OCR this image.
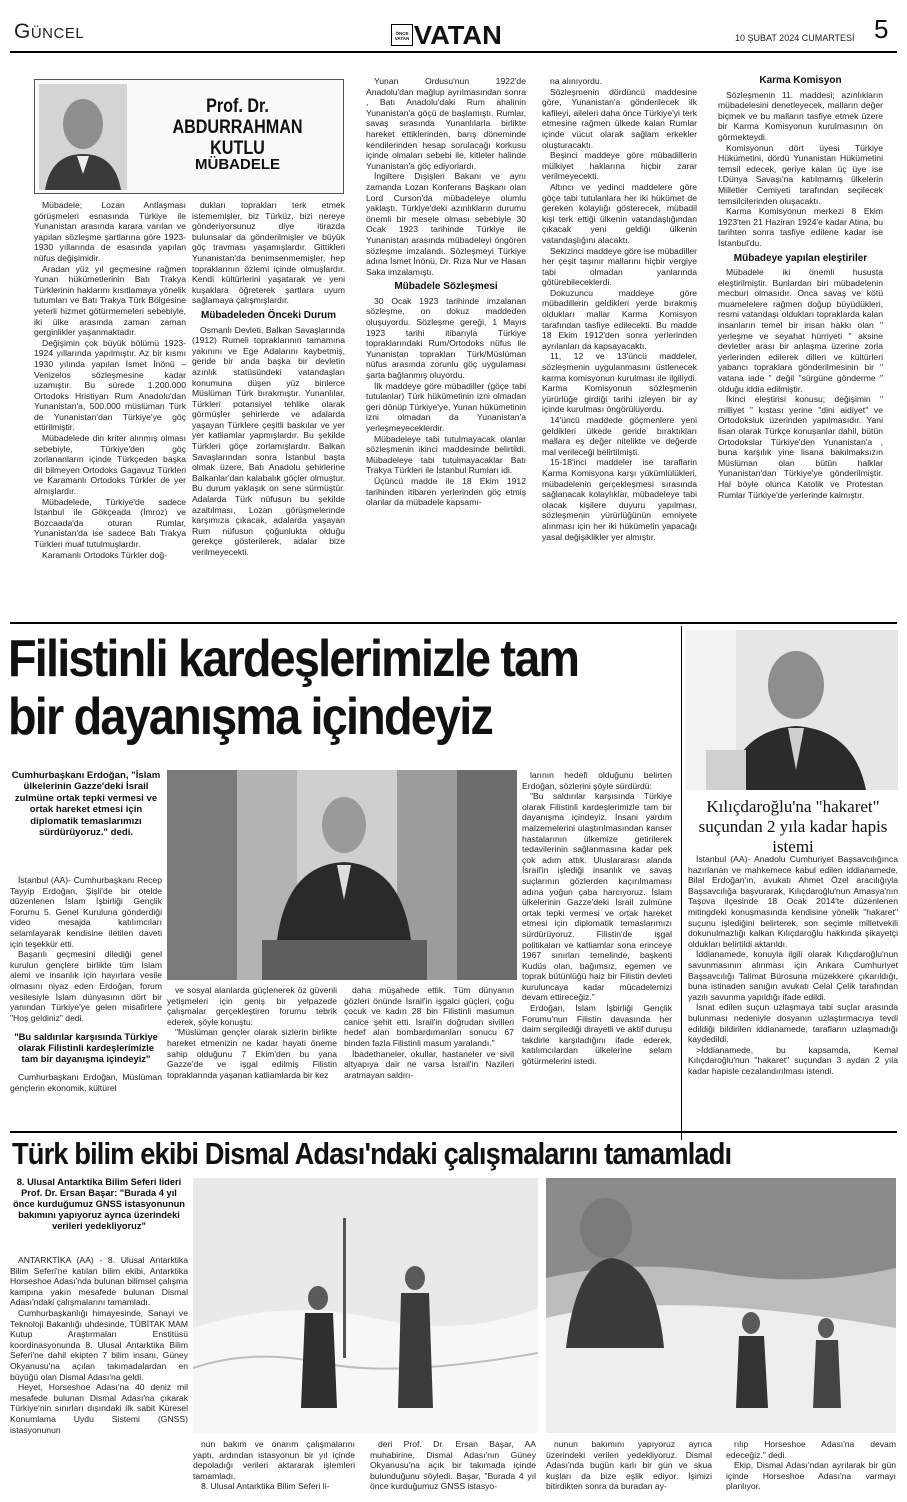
Güncel	ÖNCE VATAN VATAN	10 ŞUBAT 2024 CUMARTESİ 5
Prof. Dr. ABDURRAHMAN KUTLU
MÜBADELE

Mübadele; Lozan Antlaşması görüşmeleri esnasında Türkiye ile Yunanistan arasında karara varılan ve yapılan sözleşme şartlarına göre 1923-1930 yıllarında de esasında yapılan nüfus değişimidir.

Aradan yüz yıl geçmesine rağmen Yunan hükümetlerinin Batı Trakya Türklerinin haklarını kısıtlamaya yönelik tutumları ve Batı Trakya Türk Bölgesine yeterli hizmet götürmemeleri sebebiyle, iki ülke arasında zaman zaman gerginlikler yaşanmaktadır.

Değişimin çok büyük bölümü 1923-1924 yıllarında yapılmıştır. Az bir kısmı 1930 yılında yapılan İsmet İnönü – Venizelos sözleşmesine kadar uzamıştır. Bu sürede 1.200.000 Ortodoks Hristiyan Rum Anadolu'dan Yunanistan'a, 500.000 müslüman Türk de Yunanistan'dan Türkiye'ye göç ettirilmiştir.

Mübadelede din kriter alınmış olması sebebiyle, Türkiye'den göç zorlananların içinde Türkçeden başka dil bilmeyen Ortodoks Gagavuz Türkleri ve Karamanlı Ortodoks Türkler de yer almışlardır.

Mübadelede, Türkiye'de sadece İstanbul ile Gökçeada (İmroz) ve Bozcaada'da oturan Rumlar, Yunanistan'da ise sadece Batı Trakya Türkleri muaf tutulmuşlardır.

Karamanlı Ortodoks Türkler doğ-

dukları toprakları terk etmek istememişler, biz Türküz, bizi nereye gönderiyorsunuz diye itirazda bulunsalar da gönderilmişler ve büyük göç travması yaşamışlardır. Gittikleri Yunanistan'da benimsenmemişler, hep topraklarının özlemi içinde olmuşlardır. Kendi kültürlerini yaşatarak ve yeni kuşaklara öğreterek şartlara uyum sağlamaya çalışmışlardır.

Mübadeleden Önceki Durum

Osmanlı Devleti, Balkan Savaşlarında (1912) Rumeli topraklarının tamamına yakınını ve Ege Adalarını kaybetmiş, geride bir anda başka bir devletin azınlık statüsündeki vatandaşları konumuna düşen yüz binlerce Müslüman Türk bırakmıştır. Yunanlılar, Türkleri potansiyel tehlike olarak görmüşler şehirlerde ve adalarda yaşayan Türklere çeşitli baskılar ve yer yer katliamlar yapmışlardır. Bu şekilde Türkleri göçe zorlamışlardır. Balkan Savaşlarından sonra İstanbul başta olmak üzere, Batı Anadolu şehirlerine Balkanlar'dan kalabalık göçler olmuştur. Bu durum yaklaşık on sene sürmüştür. Adalarda Türk nüfusun bu şekilde azaltılması, Lozan görüşmelerinde karşımıza çıkacak, adalarda yaşayan Rum nüfusun çoğunlukta olduğu gerekçe gösterilerek, adalar bize verilmeyecekti.

Yunan Ordusu'nun 1922'de Anadolu'dan mağlup ayrılmasından sonra , Batı Anadolu'daki Rum ahalinin Yunanistan'a göçü de başlamıştı. Rumlar, savaş sırasında Yunanlılarla birlikte hareket ettiklerinden, barış döneminde kendilerinden hesap sorulacağı korkusu içinde olmaları sebebi ile, kitleler halinde Yunanistan'a göç ediyorlardı.

İngiltere Dışişleri Bakanı ve aynı zamanda Lozan Konferans Başkanı olan Lord Curson'da mübadeleye olumlu yaklaştı. Türkiye'deki azınlıkların durumu önemli bir mesele olması sebebiyle 30 Ocak 1923 tarihinde Türkiye ile Yunanistan arasında mübadeleyi öngören sözleşme imzalandı. Sözleşmeyi Türkiye adına İsmet İnönü, Dr. Rıza Nur ve Hasan Saka imzalamıştı.

Mübadele Sözleşmesi

30 Ocak 1923 tarihinde imzalanan sözleşme, on dokuz maddeden oluşuyordu. Sözleşme gereği, 1 Mayıs 1923 tarihi itibarıyla Türkiye topraklarındaki Rum/Ortodoks nüfus ile Yunanistan toprakları Türk/Müslüman nüfus arasında zorunlu göç uygulaması şarta bağlanmış oluyordu.

İlk maddeye göre mübadiller (göçe tabi tutulanlar) Türk hükümetinin izni olmadan geri dönüp Türkiye'ye, Yunan hükümetinin izni olmadan da Yunanistan'a yerleşmeyeceklerdir.

Mübadeleye tabi tutulmayacak olanlar sözleşmenin ikinci maddesinde belirtildi. Mübadeleye tabi tutulmayacaklar Batı Trakya Türkleri ile İstanbul Rumları idi.

Üçüncü madde ile 18 Ekim 1912 tarihinden itibaren yerlerinden göç etmiş olanlar da mübadele kapsamı-

na alınıyordu.

Sözleşmenin dördüncü maddesine göre, Yunanistan'a gönderilecek ilk kafileyi, aileleri daha önce Türkiye'yi terk etmesine rağmen ülkede kalan Rumlar içinde vücut olarak sağlam erkekler oluşturacaktı.

Beşinci maddeye göre mübadillerin mülkiyet haklarına hiçbir zarar verilmeyecekti.

Altıncı ve yedinci maddelere göre göçe tabi tutulanlara her iki hükümet de gereken kolaylığı gösterecek, mübadil kişi terk ettiği ülkenin vatandaşlığından çıkacak yeni geldiği ülkenin vatandaşlığını alacaktı.

Sekizinci maddeye göre ise mübadiller her çeşit taşınır mallarını hiçbir vergiye tabi olmadan yanlarında götürebileceklerdi.

Dokuzuncu maddeye göre mübadillerin geldikleri yerde bırakmış oldukları mallar Karma Komisyon tarafından tasfiye edilecekti. Bu madde 18 Ekim 1912'den sonra yerlerinden ayrılanları da kapsayacaktı.

11, 12 ve 13'üncü maddeler, sözleşmenin uygulanmasını üstlenecek karma komisyonun kurulması ile ilgiliydi. Karma Komisyonun sözleşmenin yürürlüğe girdiği tarihi izleyen bir ay içinde kurulması öngörülüyordu.

14'üncü maddede göçmenlere yeni geldikleri ülkede geride bıraktıkları mallara eş değer nitelikte ve değerde mal verileceği belirtilmişti.

15-18'inci maddeler ise taraflarin Karma Komisyona karşı yükümlülükleri, mübadelenin gerçekleşmesi sırasında sağlanacak kolaylıklar, mübadeleye tabi olacak kişilere duyuru yapılması, sözleşmenin yürürlüğünün emniyete alınması için her iki hükümetin yapacağı yasal değişiklikler yer almıştır.

Karma Komisyon

Sözleşmenin 11. maddesi; azınlıkların mübadelesini denetleyecek, malların değer biçmek ve bu malların tasfiye etmek üzere bir Karma Komisyonun kurulmasının ön görmekteydi.

Komisyonun dört üyesi Türkiye Hükümetini, dördü Yunanistan Hükümetini temsil edecek, geriye kalan üç üye ise I.Dünya Savaşı'na katılmamış ülkelerin Milletler Cemiyeti tarafından seçilecek temsilcilerinden oluşacaktı.

Karma Komisyonun merkezi 8 Ekim 1923'ten 21 Haziran 1924'e kadar Atina, bu tarihten sonra tasfiye edilene kadar ise İstanbul'du.

Mübadeye yapılan eleştiriler

Mübadele iki önemli hususta eleştirilmiştir. Bunlardan biri mübadelenin mecburi olmasıdır. Onca savaş ve kötü muamelelere rağmen doğup büyüdükleri, resmi vatandaşı oldukları topraklarda kalan insanların temel bir insan hakkı olan " yerleşme ve seyahat hürriyeti " aksine devletler arası bir anlaşma üzerine zorla yerlerinden edilerek dilleri ve kültürleri yabancı topraklara gönderilmesinin bir " vatana iade " değil "sürgüne gönderme " olduğu iddia edilmiştir.

İkinci eleştirisi konusu; değişimin " milliyet " kıstası yerine "dini aidiyet" ve Ortodoksluk üzerinden yapılmasıdır. Yani lisan olarak Türkçe konuşanlar dahil, bütün Ortodokslar Türkiye'den Yunanistan'a , buna karşılık yine lisana bakılmaksızın Müslüman olan bütün halklar Yunanistan'dan Türkiye'ye gönderilmiştir. Hal böyle olunca Katolik ve Protestan Rumlar Türkiye'de yerlerinde kalmıştır.

Filistinli kardeşlerimizle tam bir dayanışma içindeyiz
Cumhurbaşkanı Erdoğan, "İslam ülkelerinin Gazze'deki İsrail zulmüne ortak tepki vermesi ve ortak hareket etmesi için diplomatik temaslarımızı sürdürüyoruz." dedi.

İstanbul (AA)- Cumhurbaşkanı Recep Tayyip Erdoğan, Şişli'de bir otelde düzenlenen İslam İşbirliği Gençlik Forumu 5. Genel Kuruluna gönderdiği video mesajda katılımcıları selamlayarak kendisine iletilen daveti için teşekkür etti.

Başarılı geçmesini dilediği genel kurulun gençlere birlikte tüm İslam alemi ve insanlık için hayırlara vesile olmasını niyaz eden Erdoğan, forum vesilesiyle İslam dünyasının dört bir yanından Türkiye'ye gelen misafirlere "Hoş geldiniz" dedi.

"Bu saldırılar karşısında Türkiye olarak Filistinli kardeşlerimizle tam bir dayanışma içindeyiz"

Cumhurbaşkanı Erdoğan, Müslüman gençlerin ekonomik, kültürel

ve sosyal alanlarda güçlenerek öz güvenli yetişmeleri için geniş bir yelpazede çalışmalar gerçekleştiren forumu tebrik ederek, şöyle konuştu:

"Müslüman gençler olarak sizlerin birlikte hareket etmenizin ne kadar hayati öneme sahip olduğunu 7 Ekim'den bu yana Gazze'de ve işgal edilmiş Filistin topraklarında yaşanan katliamlarda bir kez

daha müşahede ettik. Tüm dünyanın gözleri önünde İsrail'in işgalci güçleri, çoğu çocuk ve kadın 28 bin Filistinli masumun canice şehit etti. İsrail'in doğrudan sivilleri hedef alan bombardımanları sonucu 67 binden fazla Filistinli masum yaralandı."

İbadethaneler, okullar, hastaneler ve sivil altyapıya dair ne varsa İsrail'in Nazileri aratmayan saldırı-

larının hedefi olduğunu belirten Erdoğan, sözlerini şöyle sürdürdü:

"Bu saldırılar karşısında Türkiye olarak Filistinli kardeşlerimizle tam bir dayanışma içindeyiz. İnsani yardım malzemelerini ulaştırılmasından kanser hastalarının ülkemize getirilerek tedavilerinin sağlanmasına kadar pek çok adım attık. Uluslararası alanda İsrail'in işlediği insanlık ve savaş suçlarının gözlerden kaçırılmaması adına yoğun çaba harcıyoruz. İslam ülkelerinin Gazze'deki İsrail zulmüne ortak tepki vermesi ve ortak hareket etmesi için diplomatik temaslarımızı sürdürüyoruz. Filistin'de işgal politikaları ve katliamlar sona erinceye 1967 sınırları temelinde, başkenti Kudüs olan, bağımsız, egemen ve toprak bütünlüğü haiz bir Filistin devleti kuruluncaya kadar mücadelemizi devam ettireceğiz."

Erdoğan, İslam İşbirliği Gençlik Forumu'nun Filistin davasında her daim sergilediği dirayetli ve aktif duruşu takdirle karşıladığını ifade ederek, katılımcılardan ülkelerine selam götürmelerini istedi.

Kılıçdaroğlu'na "hakaret" suçundan 2 yıla kadar hapis istemi

İstanbul (AA)- Anadolu Cumhuriyet Başsavcılığınca hazırlanan ve mahkemece kabul edilen iddianamede, Bilal Erdoğan'ın, avukatı Ahmet Özel aracılığıyla Başsavcılığa başvurarak, Kılıçdaroğlu'nun Amasya'nın Taşova ilçesinde 18 Ocak 2014'te düzenlenen mitingdeki konuşmasında kendisine yönelik "hakaret" suçunu işlediğini belirterek, son seçimle milletvekili dokunulmazlığı kalkan Kılıçdaroğlu hakkında şikayetçi oldukları belirtildi aktarıldı.

İddianamede, konuyla ilgili olarak Kılıçdaroğlu'nun savunmasının alınması için Ankara Cumhuriyet Başsavcılığı Talimat Bürosuna müzekkere çıkarıldığı, buna istinaden sanığın avukatı Celal Çelik tarafından yazılı savunma yapıldığı ifade edildi.

İsnat edilen suçun uzlaşmaya tabi suçlar arasında bulunması nedeniyle dosyanın uzlaştırmacıya tevdi edildiği bildirilen iddianamede, tarafların uzlaşmadığı kaydedildi.

>İddianamede, bu kapsamda, Kemal Kılıçdaroğlu'nun "hakaret" suçundan 3 aydan 2 yıla kadar hapisle cezalandırılması istendi.

Türk bilim ekibi Dismal Adası'ndaki çalışmalarını tamamladı
8. Ulusal Antarktika Bilim Seferi lideri Prof. Dr. Ersan Başar: "Burada 4 yıl önce kurduğumuz GNSS istasyonunun bakımını yapıyoruz ayrıca üzerindeki verileri yedekliyoruz"

ANTARKTİKA (AA) - 8. Ulusal Antarktika Bilim Seferi'ne katılan bilim ekibi, Antarktika Horseshoe Adası'nda bulunan bilimsel çalışma kampına yakın mesafede bulunan Dismal Adası'ndaki çalışmalarını tamamladı.

Cumhurbaşkanlığı himayesinde, Sanayi ve Teknoloji Bakanlığı uhdesinde, TÜBİTAK MAM Kutup Araştırmaları Enstitüsü koordinasyonunda 8. Ulusal Antarktika Bilim Seferi'ne dahil ekipten 7 bilim insanı, Güney Okyanusu'na açılan takımadalardan en büyüğü olan Dismal Adası'na geldi.

Heyet, Horseshoe Adası'na 40 deniz mil mesafede bulunan Dismal Adası'na çıkarak Türkiye'nin sınırları dışındaki ilk sabit Küresel Konumlama Uydu Sistemi (GNSS) istasyonunun

nun bakım ve onarım çalışmalarını yaptı, ardından istasyonun bir yıl içinde depoladığı verileri aktararak işlemleri tamamladı.

8. Ulusal Antarktika Bilim Seferi li-

deri Prof. Dr. Ersan Başar, AA muhabirine, Dismal Adası'nın Güney Okyanusu'na açık bir takımada içinde bulunduğunu söyledi. Başar, "Burada 4 yıl önce kurduğumuz GNSS istasyo-

nunun bakımını yapıyoruz ayrıca üzerindeki verileri yedekliyoruz. Dismal Adası'nda bugün karlı bir gün ve skua kuşları da bize eşlik ediyor. İşimizi bitirdikten sonra da buradan ay-

rılıp Horseshoe Adası'na devam edeceğiz." dedi.

Ekip, Dismal Adası'ndan ayrılarak bir gün içinde Horseshoe Adası'na varmayı planlıyor.
